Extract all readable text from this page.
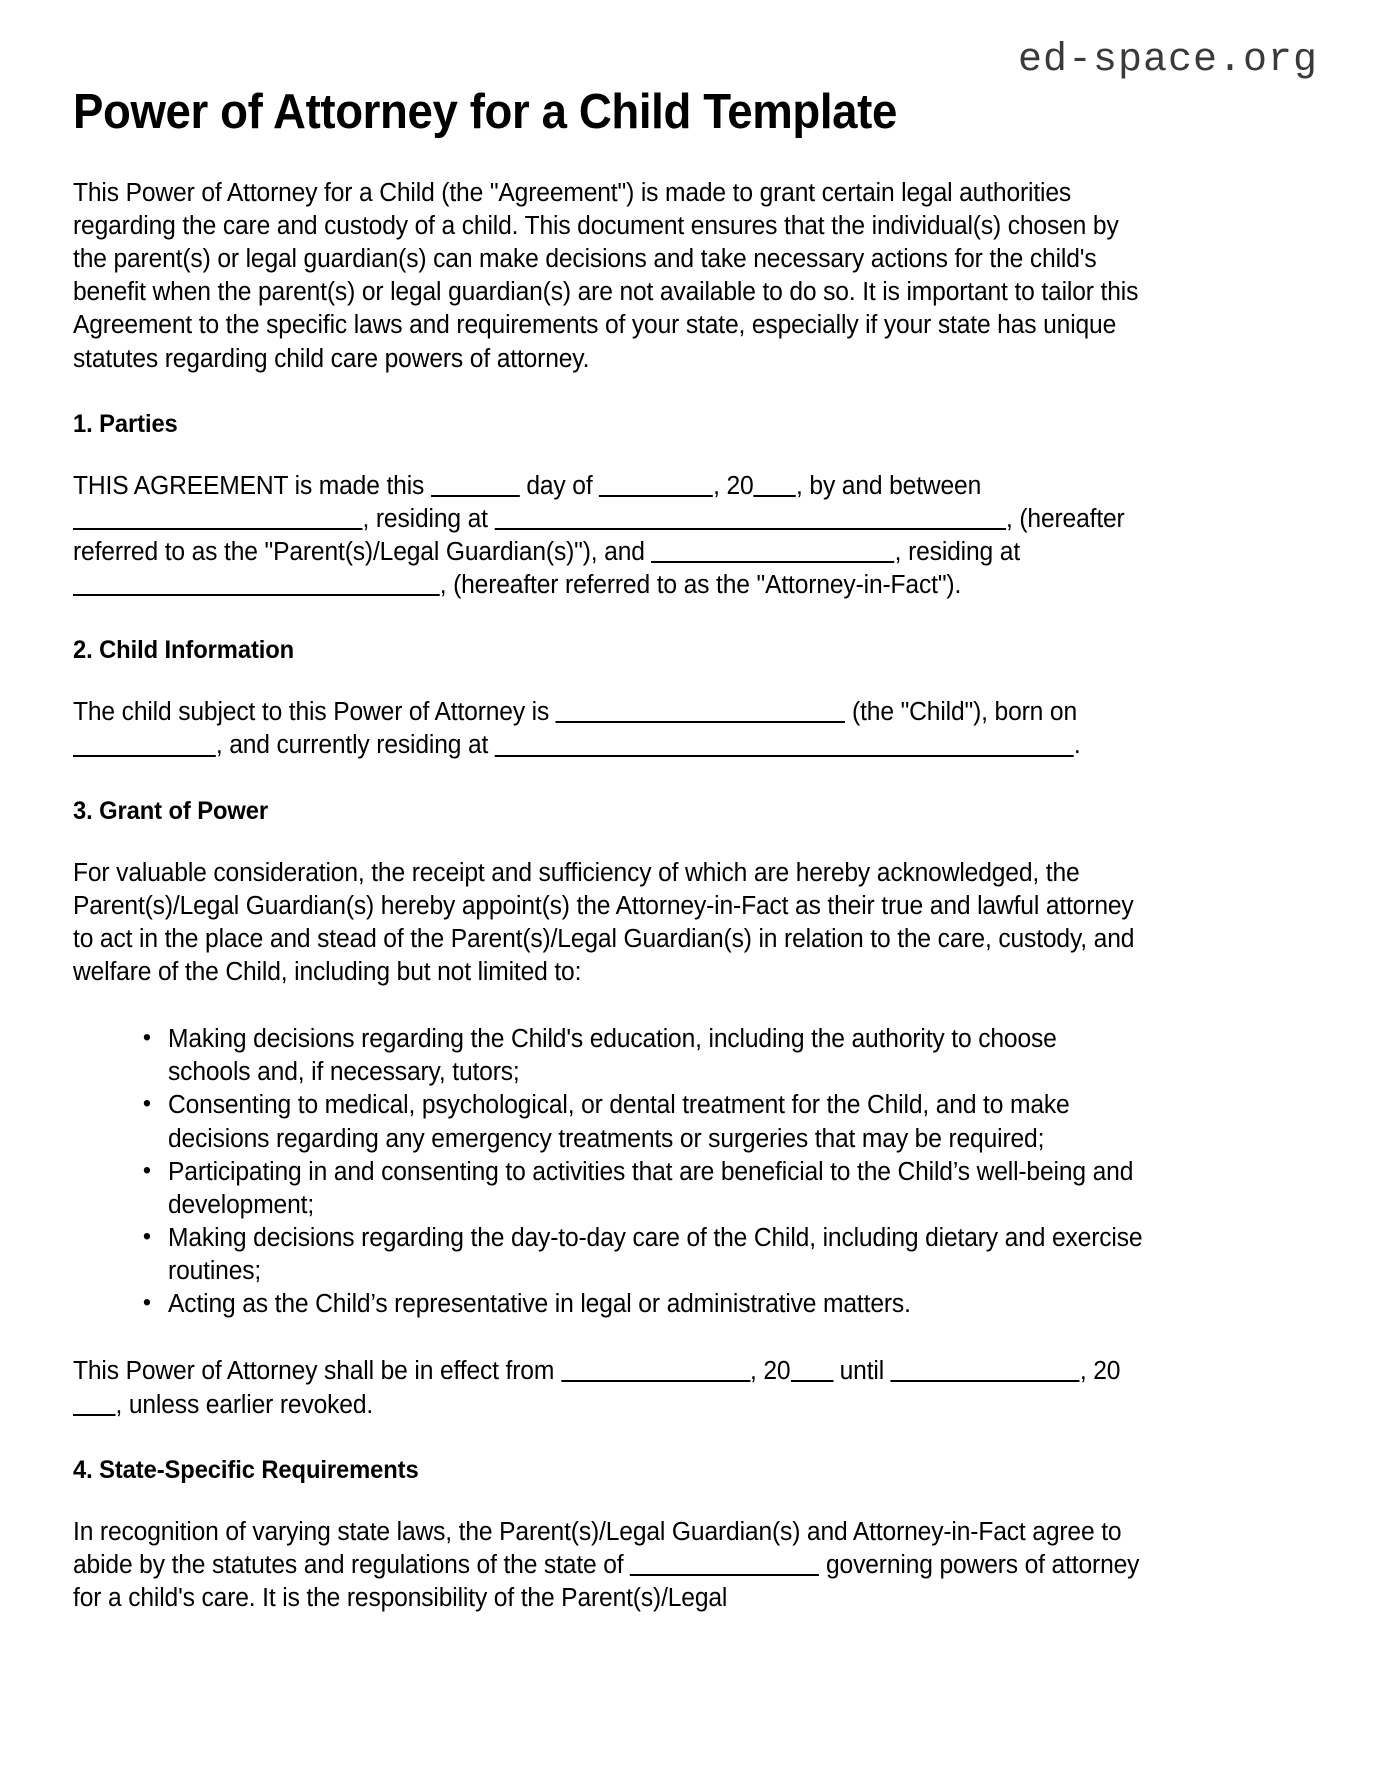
ed-space.org
Power of Attorney for a Child Template

This Power of Attorney for a Child (the "Agreement") is made to grant certain legal authorities regarding the care and custody of a child. This document ensures that the individual(s) chosen by the parent(s) or legal guardian(s) can make decisions and take necessary actions for the child's benefit when the parent(s) or legal guardian(s) are not available to do so. It is important to tailor this Agreement to the specific laws and requirements of your state, especially if your state has unique statutes regarding child care powers of attorney.

1. Parties

THIS AGREEMENT is made this	day of	, 20 , by and between , residing at	, (hereafter referred to as the "Parent(s)/Legal Guardian(s)"), and	, residing at , (hereafter referred to as the "Attorney-in-Fact").

2. Child Information

The child subject to this Power of Attorney is	(the "Child"), born on , and currently residing at	.

3. Grant of Power

For valuable consideration, the receipt and sufficiency of which are hereby acknowledged, the Parent(s)/Legal Guardian(s) hereby appoint(s) the Attorney-in-Fact as their true and lawful attorney to act in the place and stead of the Parent(s)/Legal Guardian(s) in relation to the care, custody, and welfare of the Child, including but not limited to:

• Making decisions regarding the Child's education, including the authority to choose schools and, if necessary, tutors;
• Consenting to medical, psychological, or dental treatment for the Child, and to make decisions regarding any emergency treatments or surgeries that may be required;
• Participating in and consenting to activities that are beneficial to the Child’s well-being and development;
• Making decisions regarding the day-to-day care of the Child, including dietary and exercise routines;
• Acting as the Child’s representative in legal or administrative matters.

This Power of Attorney shall be in effect from	, 20 until	, 20, unless earlier revoked.

4. State-Specific Requirements

In recognition of varying state laws, the Parent(s)/Legal Guardian(s) and Attorney-in-Fact agree to abide by the statutes and regulations of the state of	governing powers of attorney for a child's care. It is the responsibility of the Parent(s)/Legal
